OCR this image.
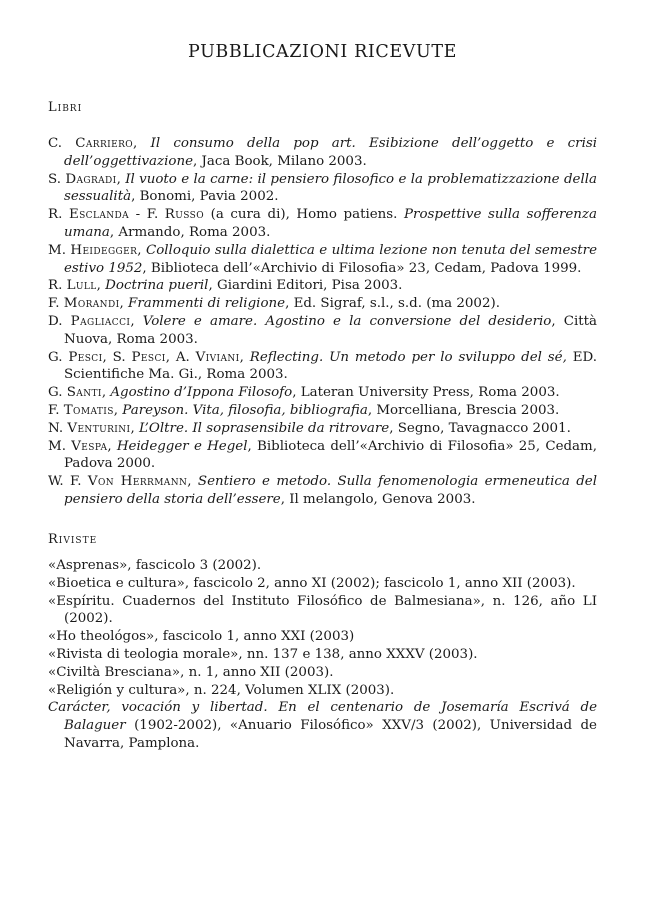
PUBBLICAZIONI RICEVUTE
Libri
C. Carriero, Il consumo della pop art. Esibizione dell’oggetto e crisi dell’oggettivazione, Jaca Book, Milano 2003.
S. Dagradi, Il vuoto e la carne: il pensiero filosofico e la problematizzazione della sessualità, Bonomi, Pavia 2002.
R. Esclanda - F. Russo (a cura di), Homo patiens. Prospettive sulla sofferenza umana, Armando, Roma 2003.
M. Heidegger, Colloquio sulla dialettica e ultima lezione non tenuta del semestre estivo 1952, Biblioteca dell’«Archivio di Filosofia» 23, Cedam, Padova 1999.
R. Lull, Doctrina pueril, Giardini Editori, Pisa 2003.
F. Morandi, Frammenti di religione, Ed. Sigraf, s.l., s.d. (ma 2002).
D. Pagliacci, Volere e amare. Agostino e la conversione del desiderio, Città Nuova, Roma 2003.
G. Pesci, S. Pesci, A. Viviani, Reflecting. Un metodo per lo sviluppo del sé, ED. Scientifiche Ma. Gi., Roma 2003.
G. Santi, Agostino d’Ippona Filosofo, Lateran University Press, Roma 2003.
F. Tomatis, Pareyson. Vita, filosofia, bibliografia, Morcelliana, Brescia 2003.
N. Venturini, L’Oltre. Il soprasensibile da ritrovare, Segno, Tavagnacco 2001.
M. Vespa, Heidegger e Hegel, Biblioteca dell’«Archivio di Filosofia» 25, Cedam, Padova 2000.
W. F. Von Herrmann, Sentiero e metodo. Sulla fenomenologia ermeneutica del pensiero della storia dell’essere, Il melangolo, Genova 2003.
Riviste
«Asprenas», fascicolo 3 (2002).
«Bioetica e cultura», fascicolo 2, anno XI (2002); fascicolo 1, anno XII (2003).
«Espíritu. Cuadernos del Instituto Filosófico de Balmesiana», n. 126, año LI (2002).
«Ho theológos», fascicolo 1, anno XXI (2003)
«Rivista di teologia morale», nn. 137 e 138, anno XXXV (2003).
«Civiltà Bresciana», n. 1, anno XII (2003).
«Religión y cultura», n. 224, Volumen XLIX (2003).
Carácter, vocación y libertad. En el centenario de Josemaría Escrivá de Balaguer (1902-2002), «Anuario Filosófico» XXV/3 (2002), Universidad de Navarra, Pamplona.
